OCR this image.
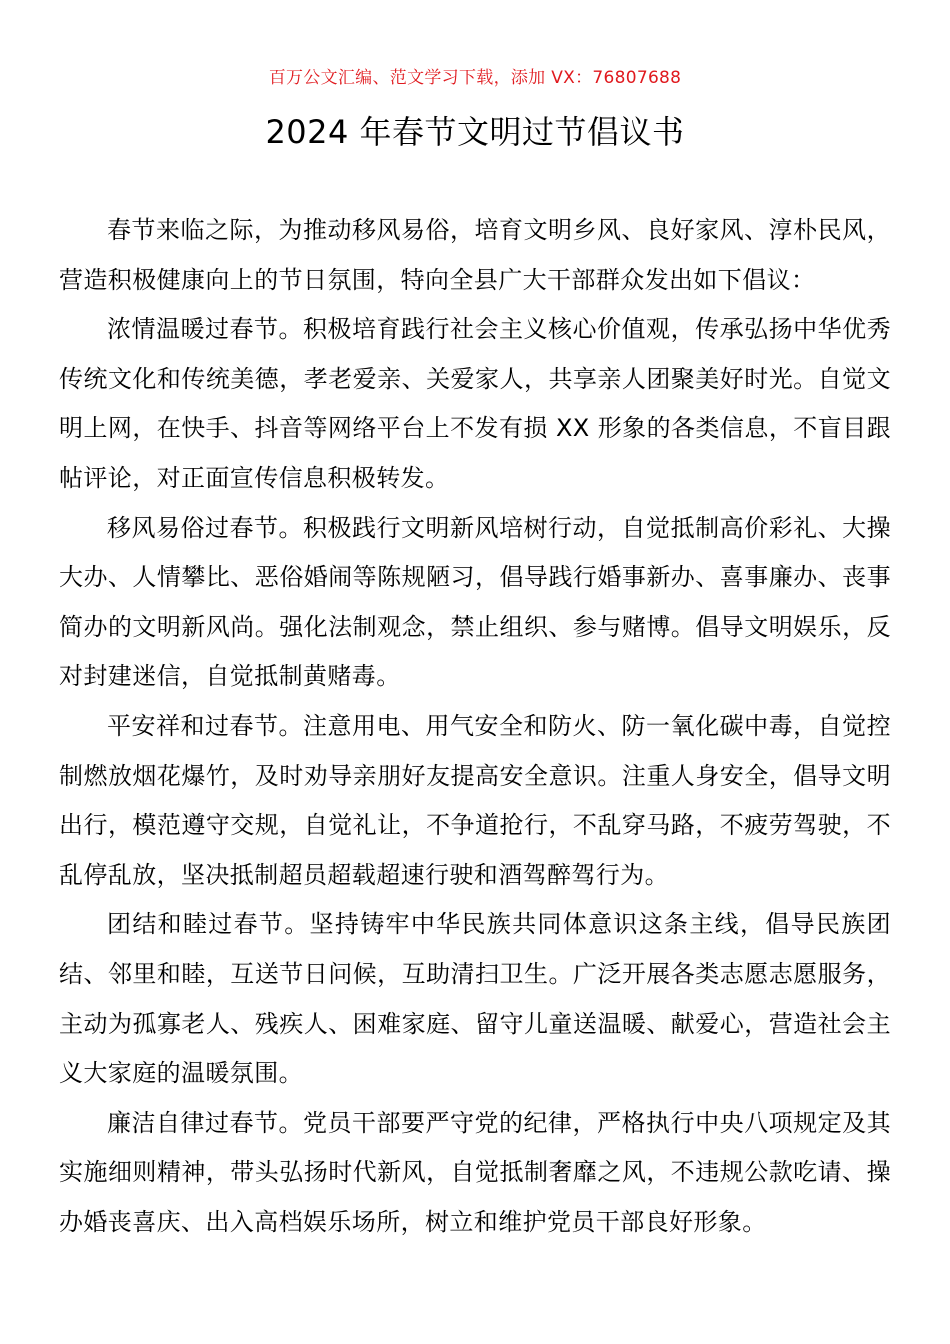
百万公文汇编、范文学习下载，添加 VX：76807688
2024 年春节文明过节倡议书

春节来临之际，为推动移风易俗，培育文明乡风、良好家风、淳朴民风，营造积极健康向上的节日氛围，特向全县广大干部群众发出如下倡议：

浓情温暖过春节。积极培育践行社会主义核心价值观，传承弘扬中华优秀传统文化和传统美德，孝老爱亲、关爱家人，共享亲人团聚美好时光。自觉文明上网，在快手、抖音等网络平台上不发有损 XX 形象的各类信息，不盲目跟帖评论，对正面宣传信息积极转发。

移风易俗过春节。积极践行文明新风培树行动，自觉抵制高价彩礼、大操大办、人情攀比、恶俗婚闹等陈规陋习，倡导践行婚事新办、喜事廉办、丧事简办的文明新风尚。强化法制观念，禁止组织、参与赌博。倡导文明娱乐，反对封建迷信，自觉抵制黄赌毒。

平安祥和过春节。注意用电、用气安全和防火、防一氧化碳中毒，自觉控制燃放烟花爆竹，及时劝导亲朋好友提高安全意识。注重人身安全，倡导文明出行，模范遵守交规，自觉礼让，不争道抢行，不乱穿马路，不疲劳驾驶，不乱停乱放，坚决抵制超员超载超速行驶和酒驾醉驾行为。

团结和睦过春节。坚持铸牢中华民族共同体意识这条主线，倡导民族团结、邻里和睦，互送节日问候，互助清扫卫生。广泛开展各类志愿志愿服务，主动为孤寡老人、残疾人、困难家庭、留守儿童送温暖、献爱心，营造社会主义大家庭的温暖氛围。

廉洁自律过春节。党员干部要严守党的纪律，严格执行中央八项规定及其实施细则精神，带头弘扬时代新风，自觉抵制奢靡之风，不违规公款吃请、操办婚丧喜庆、出入高档娱乐场所，树立和维护党员干部良好形象。
